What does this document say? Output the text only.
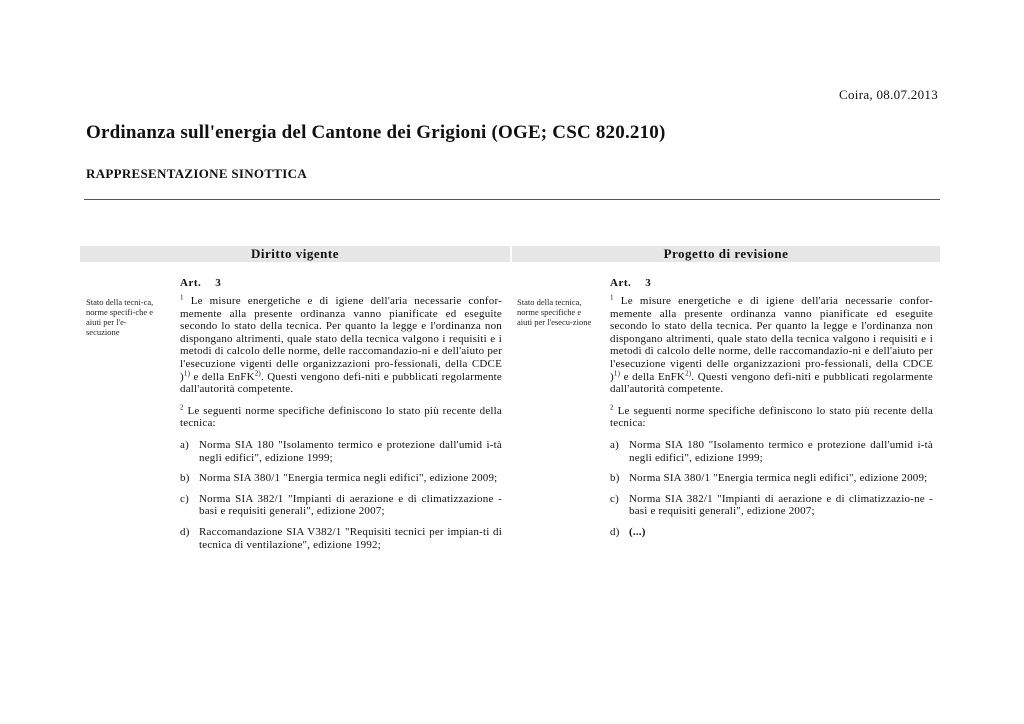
Coira, 08.07.2013
Ordinanza sull'energia del Cantone dei Grigioni (OGE; CSC 820.210)
RAPPRESENTAZIONE SINOTTICA
Diritto vigente	Progetto di revisione
Art. 3
Stato della tecni-ca, norme specifi-che e aiuti per l'e-secuzione

$^1$ Le misure energetiche e di igiene dell'aria necessarie confor-memente alla presente ordinanza vanno pianificate ed eseguite secondo lo stato della tecnica. Per quanto la legge e l'ordinanza non dispongano altrimenti, quale stato della tecnica valgono i requisiti e i metodi di calcolo delle norme, delle raccomandazio-ni e dell'aiuto per l'esecuzione vigenti delle organizzazioni pro-fessionali, della CDCE )$^{1)}$ e della EnFK$^{2)}$. Questi vengono defi-niti e pubblicati regolarmente dall'autorità competente.

$^2$ Le seguenti norme specifiche definiscono lo stato più recente della tecnica:

a) Norma SIA 180 "Isolamento termico e protezione dall'umid i-tà negli edifici", edizione 1999;
b) Norma SIA 380/1 "Energia termica negli edifici", edizione 2009;
c) Norma SIA 382/1 "Impianti di aerazione e di climatizzazione - basi e requisiti generali", edizione 2007;
d) Raccomandazione SIA V382/1 "Requisiti tecnici per impian-ti di tecnica di ventilazione", edizione 1992;
Art. 3
Stato della tecnica, norme specifiche e aiuti per l'esecu-zione

$^1$ Le misure energetiche e di igiene dell'aria necessarie confor-memente alla presente ordinanza vanno pianificate ed eseguite secondo lo stato della tecnica. Per quanto la legge e l'ordinanza non dispongano altrimenti, quale stato della tecnica valgono i requisiti e i metodi di calcolo delle norme, delle raccomandazio-ni e dell'aiuto per l'esecuzione vigenti delle organizzazioni pro-fessionali, della CDCE )$^{1)}$ e della EnFK$^{2)}$. Questi vengono defi-niti e pubblicati regolarmente dall'autorità competente.

$^2$ Le seguenti norme specifiche definiscono lo stato più recente della tecnica:

a) Norma SIA 180 "Isolamento termico e protezione dall'umid i-tà negli edifici", edizione 1999;
b) Norma SIA 380/1 "Energia termica negli edifici", edizione 2009;
c) Norma SIA 382/1 "Impianti di aerazione e di climatizzazio-ne - basi e requisiti generali", edizione 2007;
d) (...)
